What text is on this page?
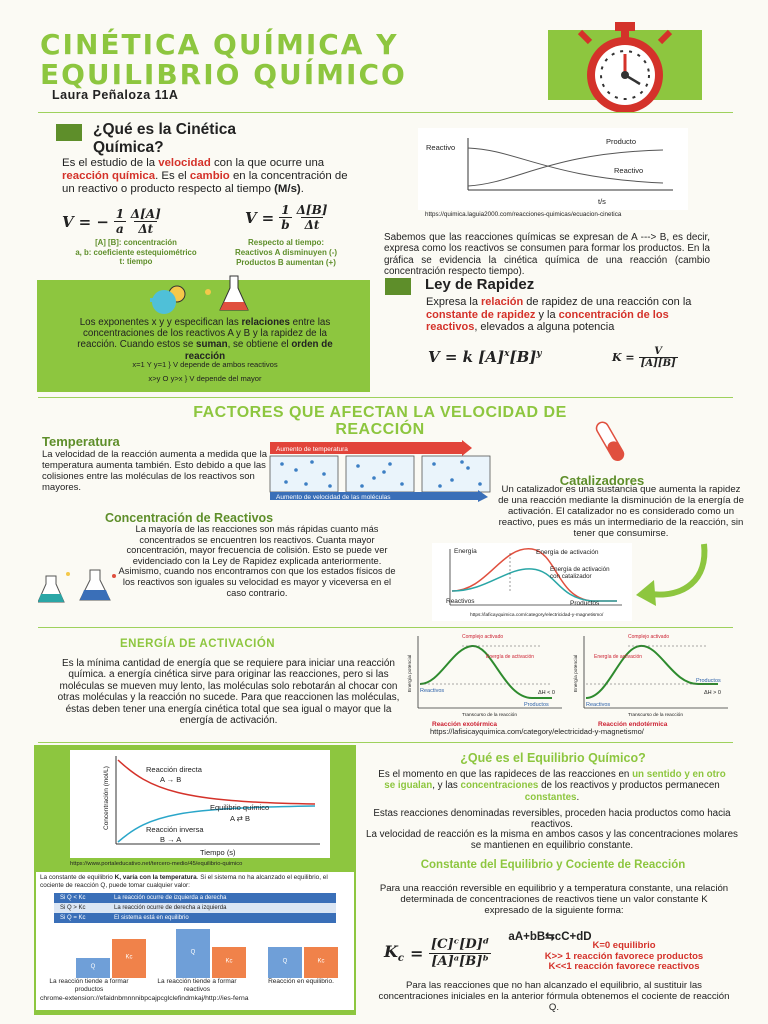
CINÉTICA QUÍMICA Y
EQUILIBRIO QUÍMICO
Laura Peñaloza 11A
¿Qué es la Cinética
Química?
Es el estudio de la velocidad con la que ocurre una reacción química. Es el cambio en la concentración de un reactivo o producto respecto al tiempo (M/s).
V = − $\frac{1}{a} \Delta[A]$
Δt
$V = \frac{1}{b} \Delta[B]$
Δt
[A] [B]: concentración
a, b: coeficiente estequiométrico
t: tiempo
Respecto al tiempo:
Reactivos A disminuyen (-)
Productos B aumentan (+)
Producto
Reactivo
Reactivo
t/s
https://quimica.laguia2000.com/reacciones-quimicas/ecuacion-cinetica
Sabemos que las reacciones químicas se expresan de A ---> B, es decir, expresa como los reactivos se consumen para formar los productos. En la gráfica se evidencia la cinética química de una reacción (cambio concentración respecto tiempo).
Los exponentes x y y especifican las relaciones entre las concentraciones de los reactivos A y B y la rapidez de la reacción. Cuando estos se suman, se obtiene el orden de reacción
x=1 Y y=1 } V depende de ambos reactivos
x>y O y>x } V depende del mayor
Ley de Rapidez
Expresa la relación de rapidez de una reacción con la constante de rapidez y la concentración de los reactivos, elevados a alguna potencia
V = k $[A]^x[B]^y$	$K = \frac{V}{[A][B]}$
FACTORES QUE AFECTAN LA VELOCIDAD DE
REACCIÓN
Temperatura
La velocidad de la reacción aumenta a medida que la temperatura aumenta también. Esto debido a que las colisiones entre las moléculas de los reactivos son mayores.
Aumento de temperatura
Aumento de velocidad de las moléculas
Catalizadores
Un catalizador es una sustancia que aumenta la rapidez de una reacción mediante la disminución de la energía de activación. El catalizador no es considerado como un reactivo, pues es más un intermediario de la reacción, sin tener que consumirse.
Concentración de Reactivos
La mayoría de las reacciones son más rápidas cuanto más concentrados se encuentren los reactivos. Cuanta mayor concentración, mayor frecuencia de colisión. Esto se puede ver evidenciado con la Ley de Rapidez explicada anteriormente. Asimismo, cuando nos encontramos con que los estados físicos de los reactivos son iguales su velocidad es mayor y viceversa en el caso contrario.
Energía	Energía de activación
Energía de activación
con catalizador
Reactivos	Productos
https://laficayquimica.com/category/electricidad-y-magnetismo/
ENERGÍA DE ACTIVACIÓN
Es la mínima cantidad de energía que se requiere para iniciar una reacción química. a energía cinética sirve para originar las reacciones, pero si las moléculas se mueven muy lento, las moléculas solo rebotarán al chocar con otras moléculas y la reacción no sucede. Para que reaccionen las moléculas, éstas deben tener una energía cinética total que sea igual o mayor que la energía de activación.
Complejo activado
Energía de activación
Energía potencial Reactivos
Productos
ΔH < 0
Transcurso de la reacción
Reacción exotérmica
Complejo activado
Energía de activación
Energía potencial
Reactivos
Productos
ΔH > 0
Transcurso de la reacción
Reacción endotérmica
https://lafisicayquimica.com/category/electricidad-y-magnetismo/
Reacción directa
A → B
Equilibrio químico
A ⇄ B
Reacción inversa
B → A
Concentración (mol/L)
Tiempo (s)
https://www.portaleducativo.net/tercero-medio/45/equilibrio-quimico
La constante de equilibrio K, varía con la temperatura. Si el sistema no ha alcanzado el equilibrio, el cociente de reacción Q, puede tomar cualquier valor:
Si Q < Kc	La reacción ocurre de izquierda a derecha
Si Q > Kc	La reacción ocurre de derecha a izquierda
Si Q = Kc	El sistema está en equilibrio
Q
Kc
Q
Kc	Q	Kc
La reacción tiende a formar productos
La reacción tiende a formar reactivos
Reacción en equilibrio.
chrome-extension://efaidnbmnnnibpcajpcglclefindmkaj/http://ies-ferna
¿Qué es el Equilibrio Químico?
Es el momento en que las rapideces de las reacciones en un sentido y en otro se igualan, y las concentraciones de los reactivos y productos permanecen constantes.
Estas reacciones denominadas reversibles, proceden hacia productos como hacia reactivos.
La velocidad de reacción es la misma en ambos casos y las concentraciones molares se mantienen en equilibrio constante.
Constante del Equilibrio y Cociente de Reacción
Para una reacción reversible en equilibrio y a temperatura constante, una relación determinada de concentraciones de reactivos tiene un valor constante K expresado de la siguiente forma:
aA+bB⇆cC+dD
$K_c = \frac{\text{[C]ᶜ[D]ᵈ}}{\text{[A]ᵃ[B]ᵇ}}$	K=0 equilibrio
K>> 1 reacción favorece productos
K<<1 reacción favorece reactivos
Para las reacciones que no han alcanzado el equilibrio, al sustituir las concentraciones iniciales en la anterior fórmula obtenemos el cociente de reacción Q.
